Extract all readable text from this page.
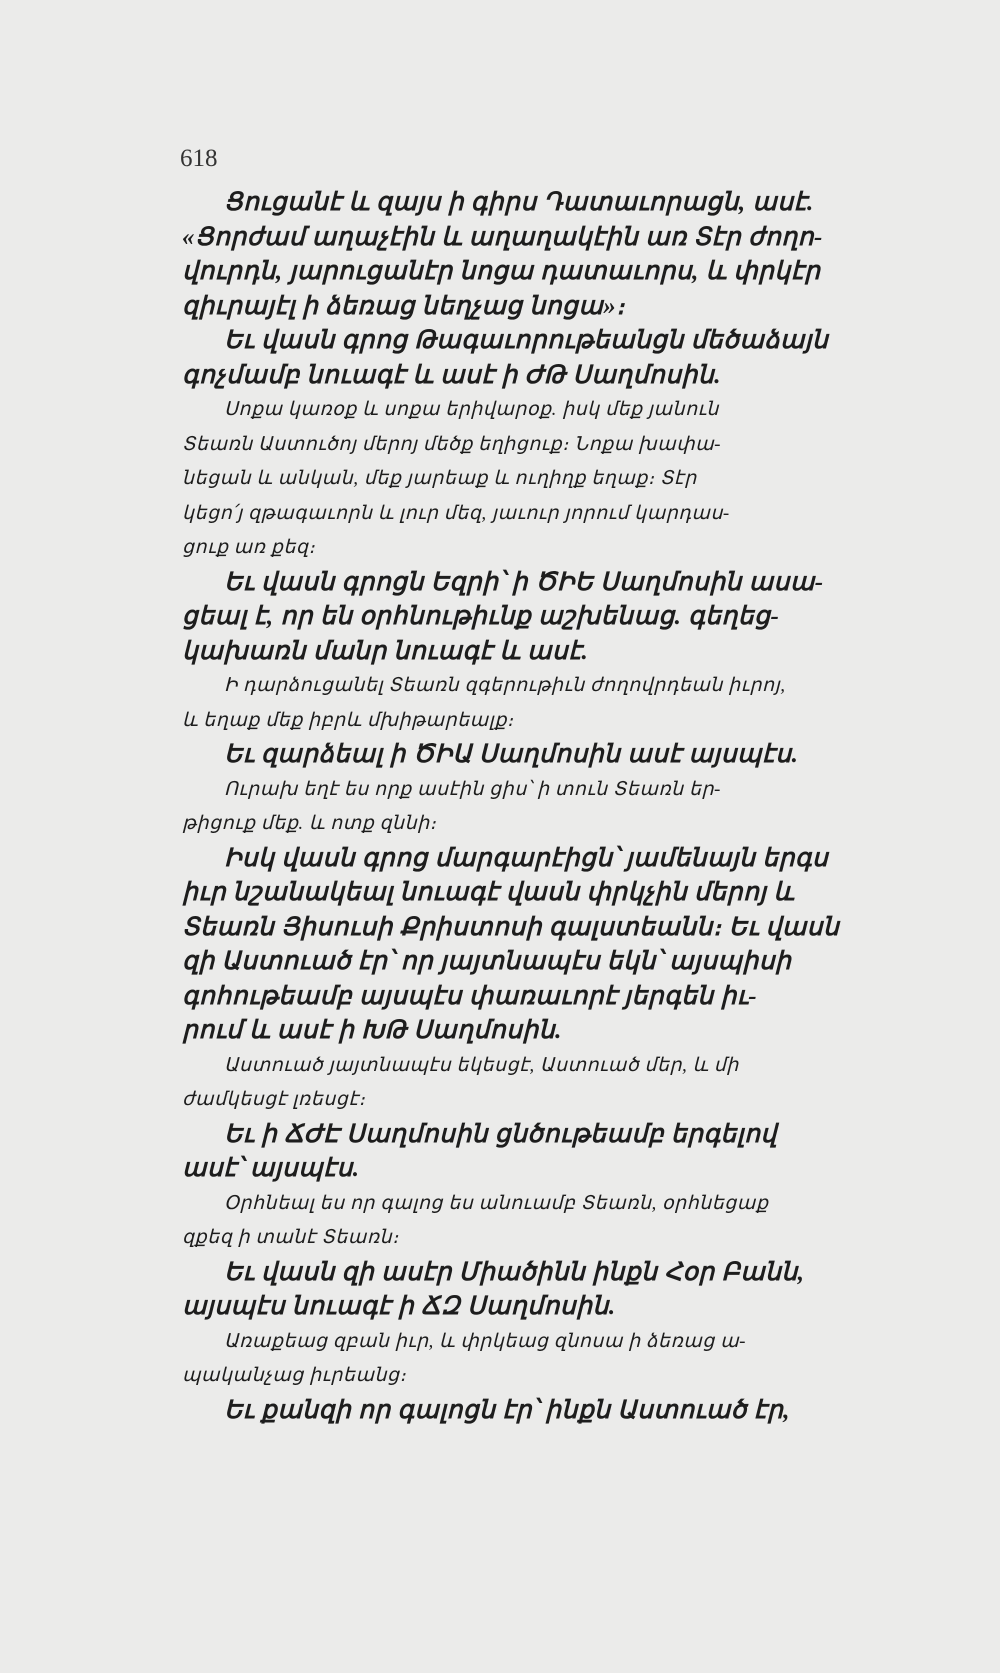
618
Ցուցանէ և զայս ի գիրս Դատաւորացն, ասէ.
«Ցորժամ աղաչէին և աղաղակէին առ Տէր ժողո-
վուրդն, յարուցանէր նոցա դատաւորս, և փրկէր
զիւրայէլ ի ձեռաց նեղչաց նոցա»։
Եւ վասն գրոց Թագաւորութեանցն մեծաձայն
գոչմամբ նուագէ և ասէ ի ԺԹ Սաղմոսին.
Սոքա կառօք և սոքա երիվարօք. իսկ մեք յանուն
Տեառն Աստուծոյ մերոյ մեծք եղիցուք։ Նոքա խափա-
նեցան և անկան, մեք յարեաք և ուղիղք եղաք։ Տէր
կեցո՛յ զթագաւորն և լուր մեզ, յաւուր յորում կարդաս-
ցուք առ քեզ։
Եւ վասն գրոցն Եզրի՝ ի ԾԻԵ Սաղմոսին ասա-
ցեալ է, որ են օրհնութիւնք աշխենաց. գեղեց-
կախառն մանր նուագէ և ասէ.
Ի դարձուցանել Տեառն զգերութիւն ժողովրդեան իւրոյ,
և եղաք մեք իբրև մխիթարեալք։
Եւ զարձեալ ի ԾԻԱ Սաղմոսին ասէ այսպէս.
Ուրախ եղէ ես որք ասէին ցիս՝ ի տուն Տեառն եր-
թիցուք մեք. և ոտք զննի։
Իսկ վասն գրոց մարգարէիցն՝ յամենայն երգս
իւր նշանակեալ նուագէ վասն փրկչին մերոյ և
Տեառն Յիսուսի Քրիստոսի գալստեանն։ Եւ վասն
զի Աստուած էր՝ որ յայտնապէս եկն՝ այսպիսի
գոհութեամբ այսպէս փառաւորէ յերգեն իւ-
րում և ասէ ի ԽԹ Սաղմոսին.
Աստուած յայտնապէս եկեսցէ, Աստուած մեր, և մի
ժամկեսցէ լռեսցէ։
Եւ ի ՃԺԷ Սաղմոսին ցնծութեամբ երգելով
ասէ՝ այսպէս.
Օրհնեալ ես որ գալոց ես անուամբ Տեառն, օրհնեցաք
զքեզ ի տանէ Տեառն։
Եւ վասն զի ասէր Միածինն ինքն Հօր Բանն,
այսպէս նուագէ ի ՃԶ Սաղմոսին.
Առաքեաց զբան իւր, և փրկեաց զնոսա ի ձեռաց ա-
պականչաց իւրեանց։
Եւ քանզի որ գալոցն էր՝ ինքն Աստուած էր,
